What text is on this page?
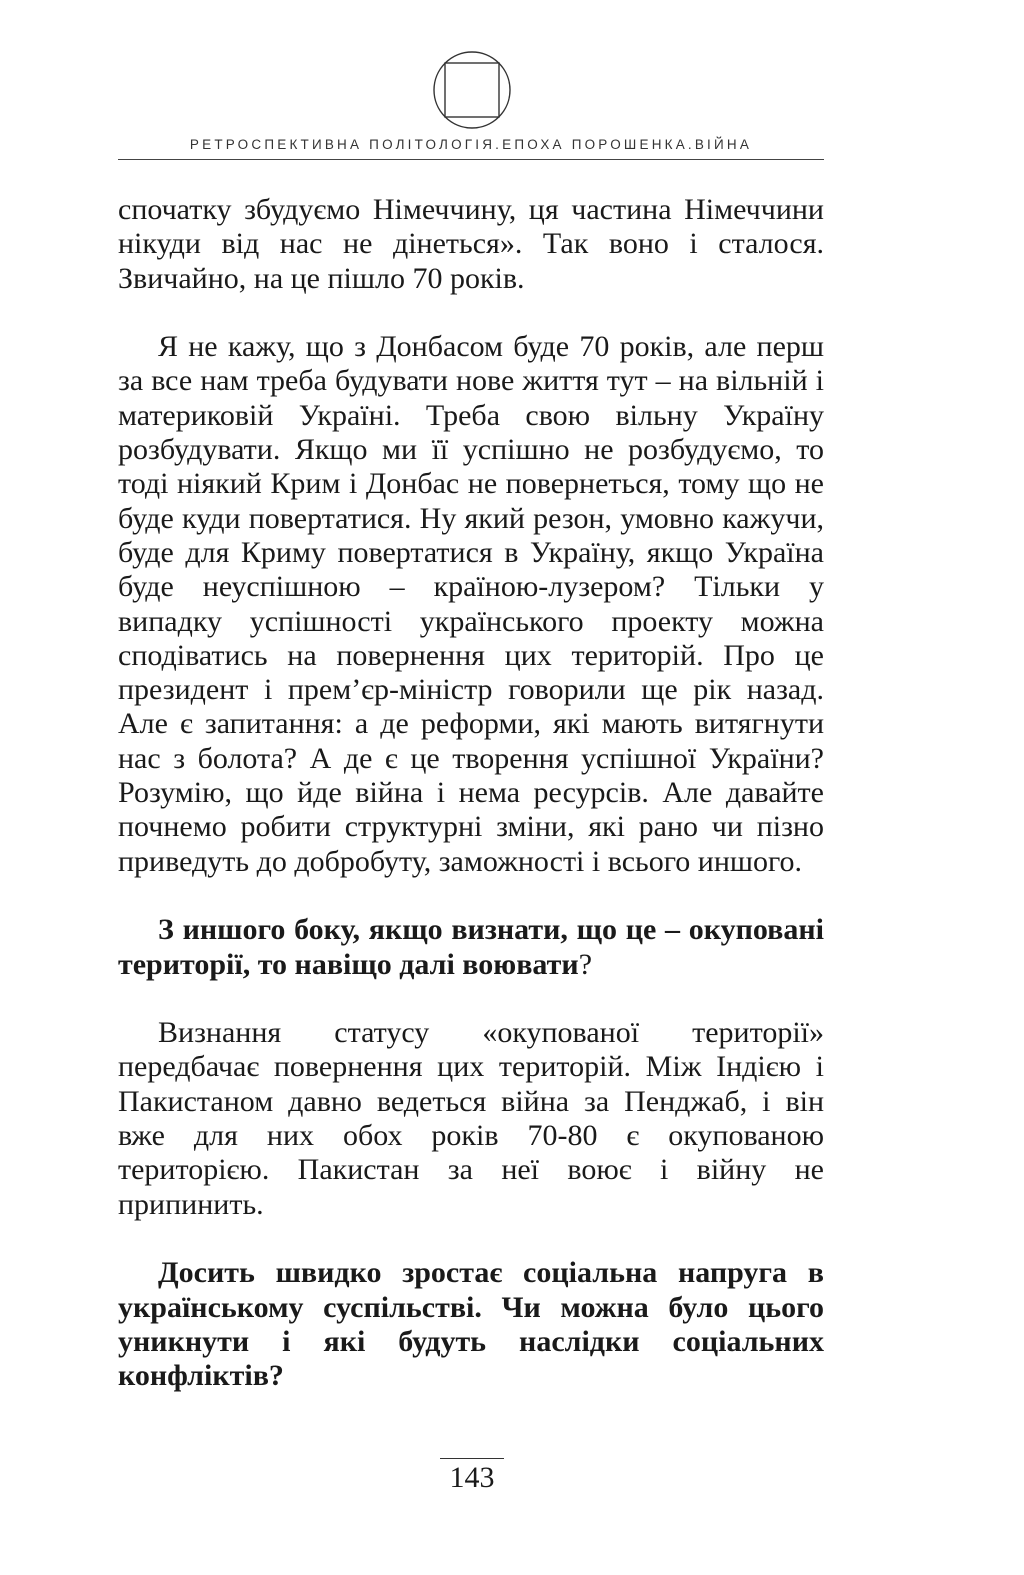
РЕТРОСПЕКТИВНА ПОЛІТОЛОГІЯ.ЕПОХА ПОРОШЕНКА.ВІЙНА

спочатку збудуємо Німеччину, ця частина Німеччини нікуди від нас не дінеться». Так воно і сталося. Звичайно, на це пішло 70 років.

Я не кажу, що з Донбасом буде 70 років, але перш за все нам треба будувати нове життя тут – на вільній і материковій Україні. Треба свою вільну Україну розбудувати. Якщо ми її успішно не розбудуємо, то тоді ніякий Крим і Донбас не повернеться, тому що не буде куди повертатися. Ну який резон, умовно кажучи, буде для Криму повертатися в Україну, якщо Україна буде неуспішною – країною-лузером? Тільки у випадку успішності українського проекту можна сподіватись на повернення цих територій. Про це президент і прем’єр-міністр говорили ще рік назад. Але є запитання: а де реформи, які мають витягнути нас з болота? А де є це творення успішної України? Розумію, що йде війна і нема ресурсів. Але давайте почнемо робити структурні зміни, які рано чи пізно приведуть до добробуту, заможності і всього иншого.

З иншого боку, якщо визнати, що це – окуповані території, то навіщо далі воювати?

Визнання статусу «окупованої території» передбачає повернення цих територій. Між Індією і Пакистаном давно ведеться війна за Пенджаб, і він вже для них обох років 70-80 є окупованою територією. Пакистан за неї воює і війну не припинить.

Досить швидко зростає соціальна напруга в українському суспільстві. Чи можна було цього уникнути і які будуть наслідки соціальних конфліктів?

143
